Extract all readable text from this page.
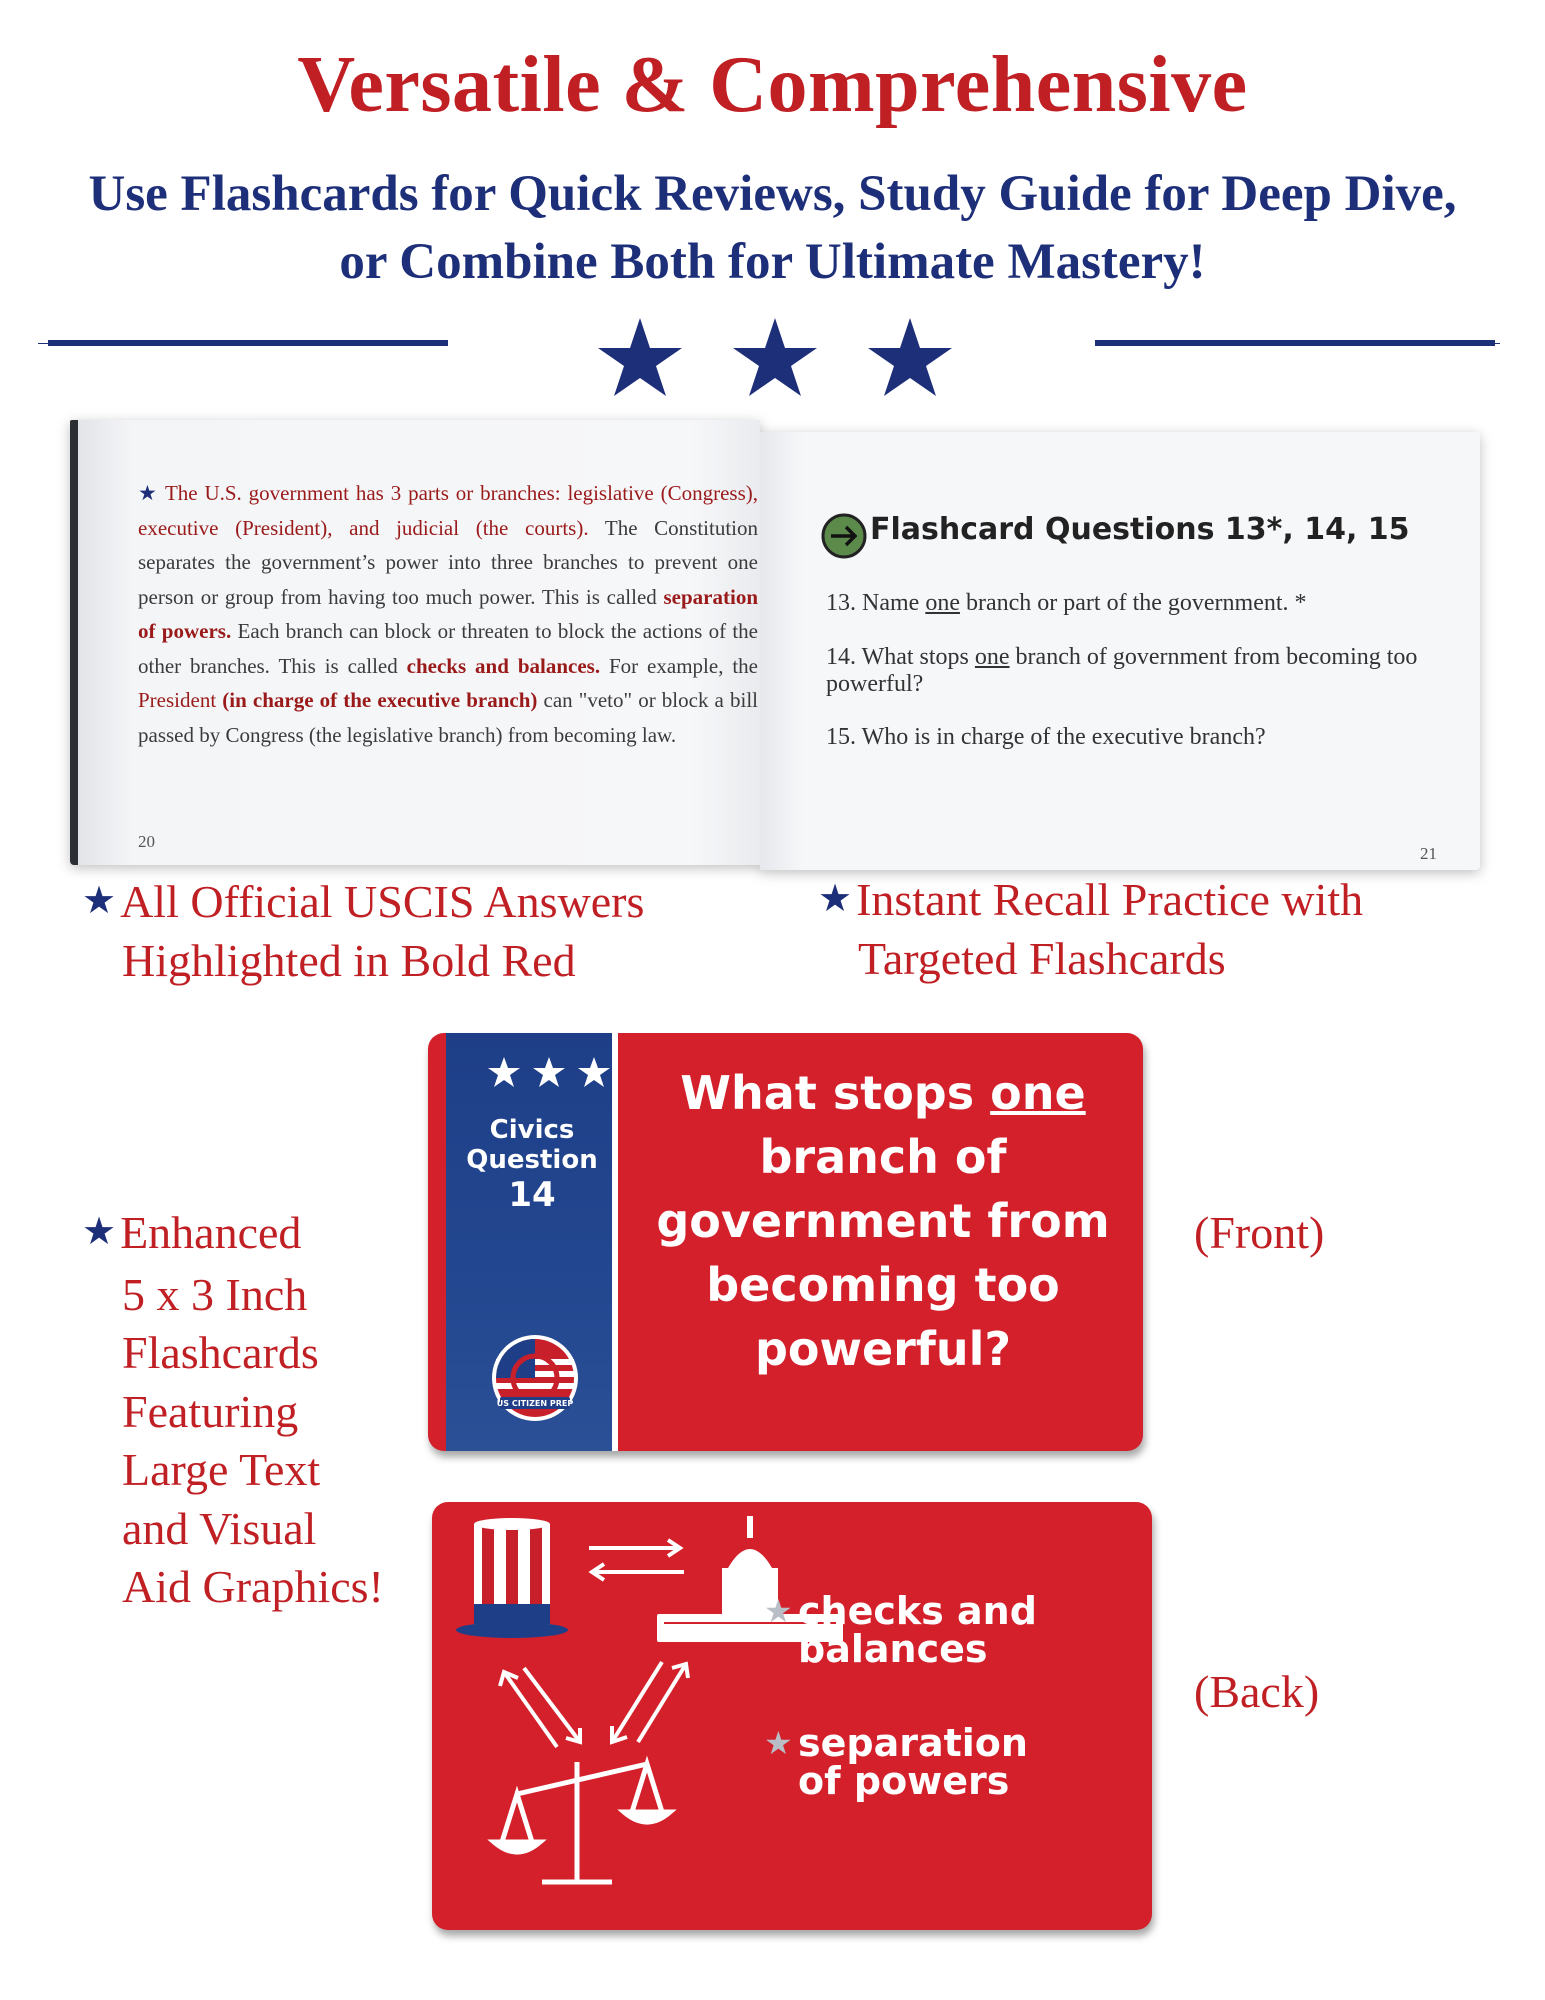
Versatile & Comprehensive
Use Flashcards for Quick Reviews, Study Guide for Deep Dive, or Combine Both for Ultimate Mastery!
★ The U.S. government has 3 parts or branches: legislative (Congress), executive (President), and judicial (the courts). The Constitution separates the government’s power into three branches to prevent one person or group from having too much power. This is called separation of powers. Each branch can block or threaten to block the actions of the other branches. This is called checks and balances. For example, the President (in charge of the executive branch) can "veto" or block a bill passed by Congress (the legislative branch) from becoming law.
20
Flashcard Questions 13*, 14, 15
13. Name one branch or part of the government. *
14. What stops one branch of government from becoming too powerful?
15. Who is in charge of the executive branch?
21
★All Official USCIS Answers
Highlighted in Bold Red
★Instant Recall Practice with
Targeted Flashcards
★Enhanced
5 x 3 Inch
Flashcards
Featuring
Large Text
and Visual
Aid Graphics!
(Front)
(Back)
Civics
Question
14
US CITIZEN PREP
What stops one
branch of
government from
becoming too
powerful?
★ checks and
balances
★ separation
of powers
